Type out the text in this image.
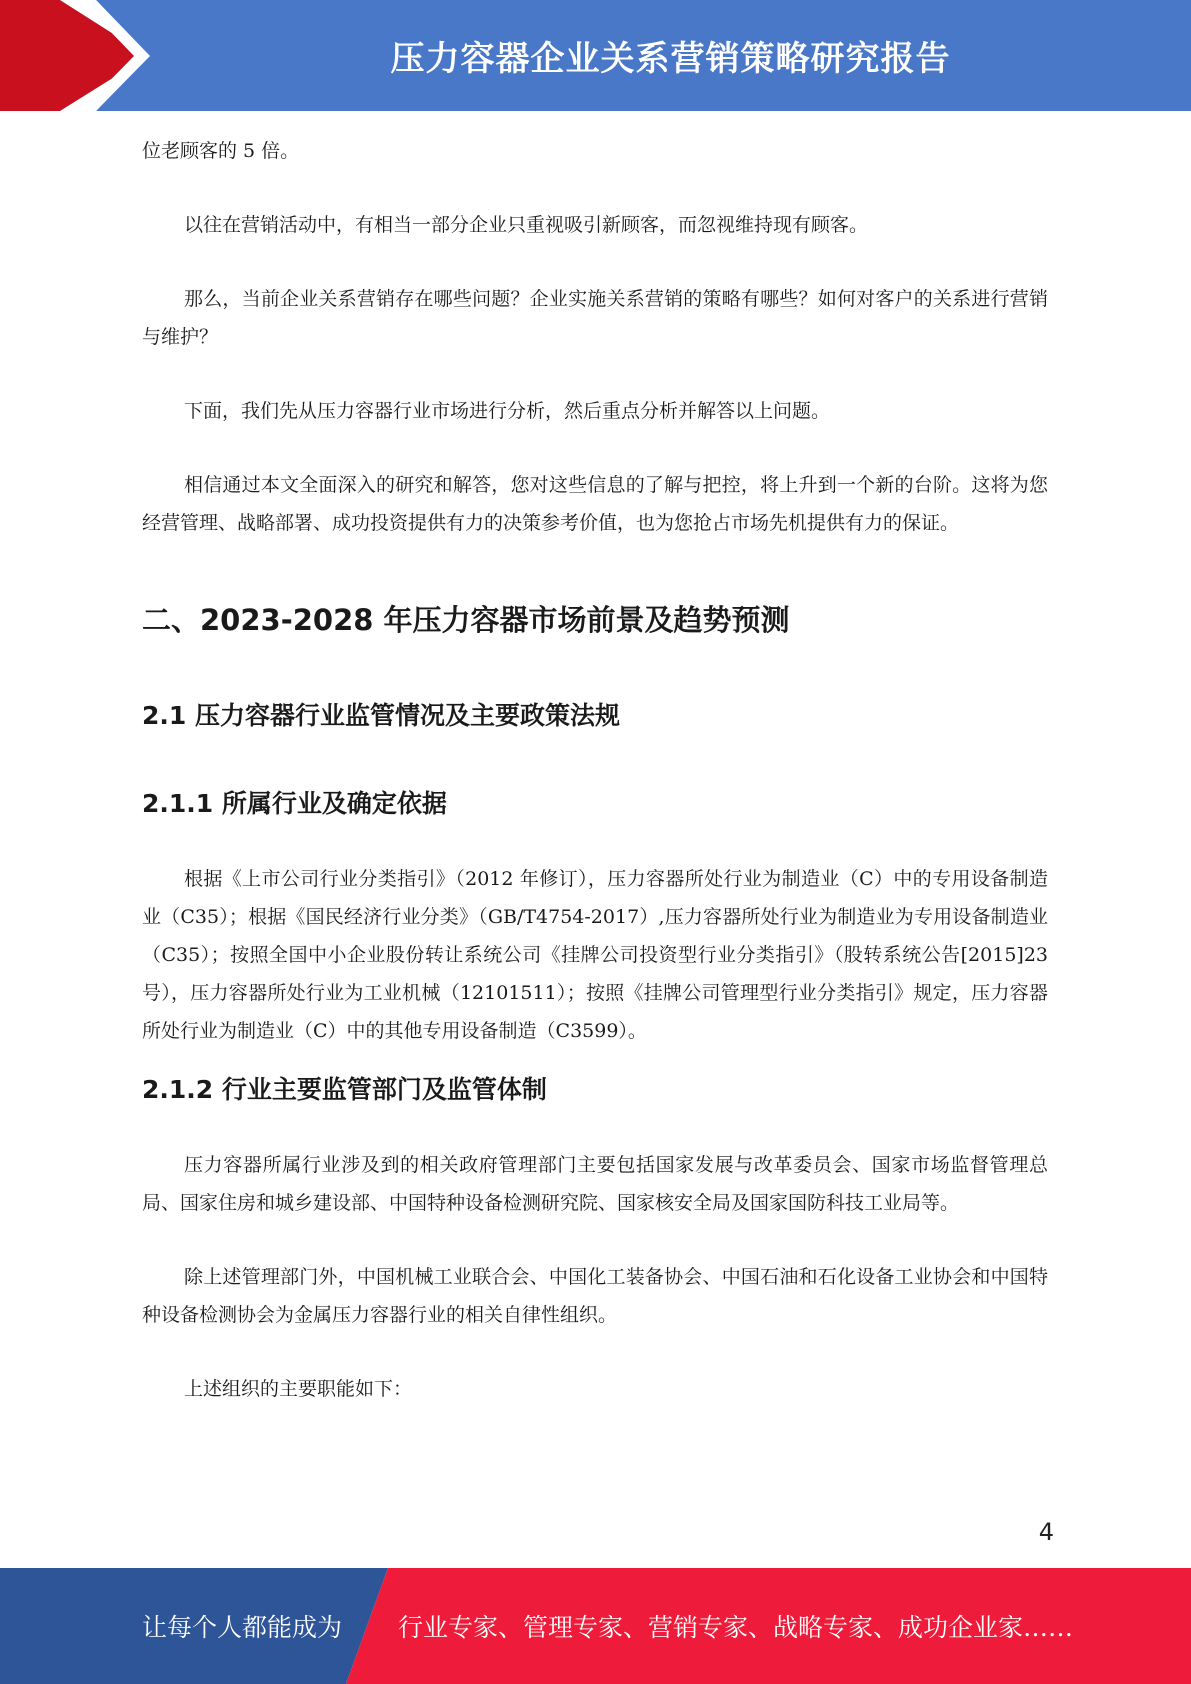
压力容器企业关系营销策略研究报告

位老顾客的 5 倍。

以往在营销活动中，有相当一部分企业只重视吸引新顾客，而忽视维持现有顾客。

那么，当前企业关系营销存在哪些问题？企业实施关系营销的策略有哪些？如何对客户的关系进行营销与维护？

下面，我们先从压力容器行业市场进行分析，然后重点分析并解答以上问题。

相信通过本文全面深入的研究和解答，您对这些信息的了解与把控，将上升到一个新的台阶。这将为您经营管理、战略部署、成功投资提供有力的决策参考价值，也为您抢占市场先机提供有力的保证。

二、2023-2028 年压力容器市场前景及趋势预测
2.1 压力容器行业监管情况及主要政策法规
2.1.1 所属行业及确定依据

根据《上市公司行业分类指引》（2012 年修订），压力容器所处行业为制造业（C）中的专用设备制造业（C35）；根据《国民经济行业分类》（GB/T4754-2017）,压力容器所处行业为制造业为专用设备制造业（C35）；按照全国中小企业股份转让系统公司《挂牌公司投资型行业分类指引》（股转系统公告[2015]23 号），压力容器所处行业为工业机械（12101511）；按照《挂牌公司管理型行业分类指引》规定，压力容器所处行业为制造业（C）中的其他专用设备制造（C3599）。

2.1.2 行业主要监管部门及监管体制

压力容器所属行业涉及到的相关政府管理部门主要包括国家发展与改革委员会、国家市场监督管理总局、国家住房和城乡建设部、中国特种设备检测研究院、国家核安全局及国家国防科技工业局等。

除上述管理部门外，中国机械工业联合会、中国化工装备协会、中国石油和石化设备工业协会和中国特种设备检测协会为金属压力容器行业的相关自律性组织。

上述组织的主要职能如下：

4
让每个人都能成为 行业专家、管理专家、营销专家、战略专家、成功企业家……
